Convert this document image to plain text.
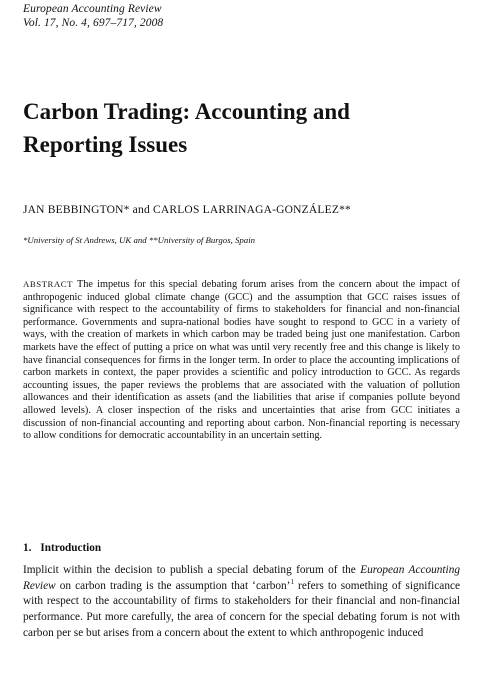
European Accounting Review
Vol. 17, No. 4, 697–717, 2008
Carbon Trading: Accounting and
Reporting Issues
JAN BEBBINGTON* and CARLOS LARRINAGA-GONZÁLEZ**
*University of St Andrews, UK and **University of Burgos, Spain

ABSTRACT The impetus for this special debating forum arises from the concern about the impact of anthropogenic induced global climate change (GCC) and the assumption that GCC raises issues of significance with respect to the accountability of firms to stakeholders for financial and non-financial performance. Governments and supra-national bodies have sought to respond to GCC in a variety of ways, with the creation of markets in which carbon may be traded being just one manifestation. Carbon markets have the effect of putting a price on what was until very recently free and this change is likely to have financial consequences for firms in the longer term. In order to place the accounting implications of carbon markets in context, the paper provides a scientific and policy introduction to GCC. As regards accounting issues, the paper reviews the problems that are associated with the valuation of pollution allowances and their identification as assets (and the liabilities that arise if companies pollute beyond allowed levels). A closer inspection of the risks and uncertainties that arise from GCC initiates a discussion of non-financial accounting and reporting about carbon. Non-financial reporting is necessary to allow conditions for democratic accountability in an uncertain setting.

1. Introduction

Implicit within the decision to publish a special debating forum of the European Accounting Review on carbon trading is the assumption that ‘carbon’$^1$ refers to something of significance with respect to the accountability of firms to stakeholders for their financial and non-financial performance. Put more carefully, the area of concern for the special debating forum is not with carbon per se but arises from a concern about the extent to which anthropogenic induced
